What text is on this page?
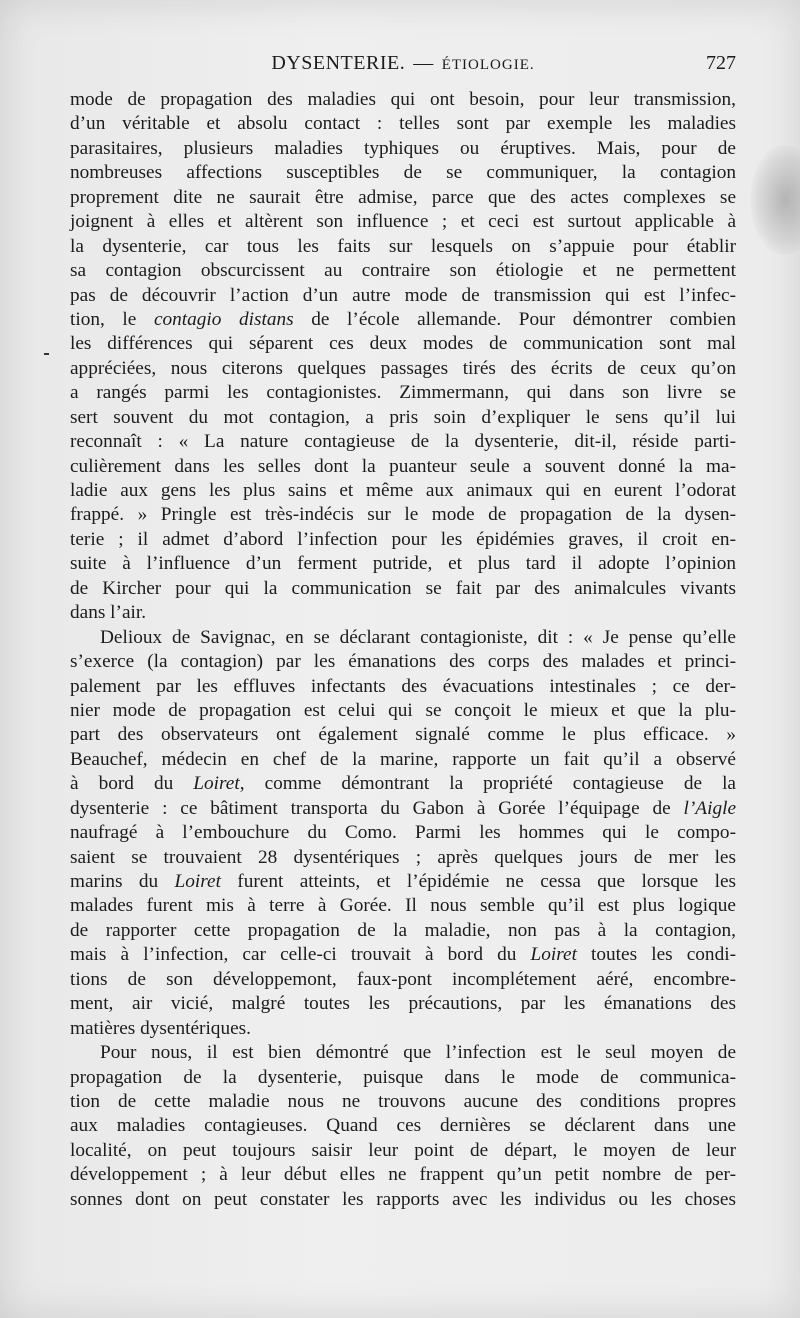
DYSENTERIE. — ÉTIOLOGIE.	727
mode de propagation des maladies qui ont besoin, pour leur transmission,
d’un véritable et absolu contact : telles sont par exemple les maladies
parasitaires, plusieurs maladies typhiques ou éruptives. Mais, pour de
nombreuses affections susceptibles de se communiquer, la contagion
proprement dite ne saurait être admise, parce que des actes complexes se
joignent à elles et altèrent son influence ; et ceci est surtout applicable à
la dysenterie, car tous les faits sur lesquels on s’appuie pour établir
sa contagion obscurcissent au contraire son étiologie et ne permettent
pas de découvrir l’action d’un autre mode de transmission qui est l’infec-
tion, le contagio distans de l’école allemande. Pour démontrer combien
les différences qui séparent ces deux modes de communication sont mal
appréciées, nous citerons quelques passages tirés des écrits de ceux qu’on
a rangés parmi les contagionistes. Zimmermann, qui dans son livre se
sert souvent du mot contagion, a pris soin d’expliquer le sens qu’il lui
reconnaît : « La nature contagieuse de la dysenterie, dit-il, réside parti-
culièrement dans les selles dont la puanteur seule a souvent donné la ma-
ladie aux gens les plus sains et même aux animaux qui en eurent l’odorat
frappé. » Pringle est très-indécis sur le mode de propagation de la dysen-
terie ; il admet d’abord l’infection pour les épidémies graves, il croit en-
suite à l’influence d’un ferment putride, et plus tard il adopte l’opinion
de Kircher pour qui la communication se fait par des animalcules vivants
dans l’air.
Delioux de Savignac, en se déclarant contagioniste, dit : « Je pense qu’elle
s’exerce (la contagion) par les émanations des corps des malades et princi-
palement par les effluves infectants des évacuations intestinales ; ce der-
nier mode de propagation est celui qui se conçoit le mieux et que la plu-
part des observateurs ont également signalé comme le plus efficace. »
Beauchef, médecin en chef de la marine, rapporte un fait qu’il a observé
à bord du Loiret, comme démontrant la propriété contagieuse de la
dysenterie : ce bâtiment transporta du Gabon à Gorée l’équipage de l’Aigle
naufragé à l’embouchure du Como. Parmi les hommes qui le compo-
saient se trouvaient 28 dysentériques ; après quelques jours de mer les
marins du Loiret furent atteints, et l’épidémie ne cessa que lorsque les
malades furent mis à terre à Gorée. Il nous semble qu’il est plus logique
de rapporter cette propagation de la maladie, non pas à la contagion,
mais à l’infection, car celle-ci trouvait à bord du Loiret toutes les condi-
tions de son développemont, faux-pont incomplétement aéré, encombre-
ment, air vicié, malgré toutes les précautions, par les émanations des
matières dysentériques.
Pour nous, il est bien démontré que l’infection est le seul moyen de
propagation de la dysenterie, puisque dans le mode de communica-
tion de cette maladie nous ne trouvons aucune des conditions propres
aux maladies contagieuses. Quand ces dernières se déclarent dans une
localité, on peut toujours saisir leur point de départ, le moyen de leur
développement ; à leur début elles ne frappent qu’un petit nombre de per-
sonnes dont on peut constater les rapports avec les individus ou les choses
